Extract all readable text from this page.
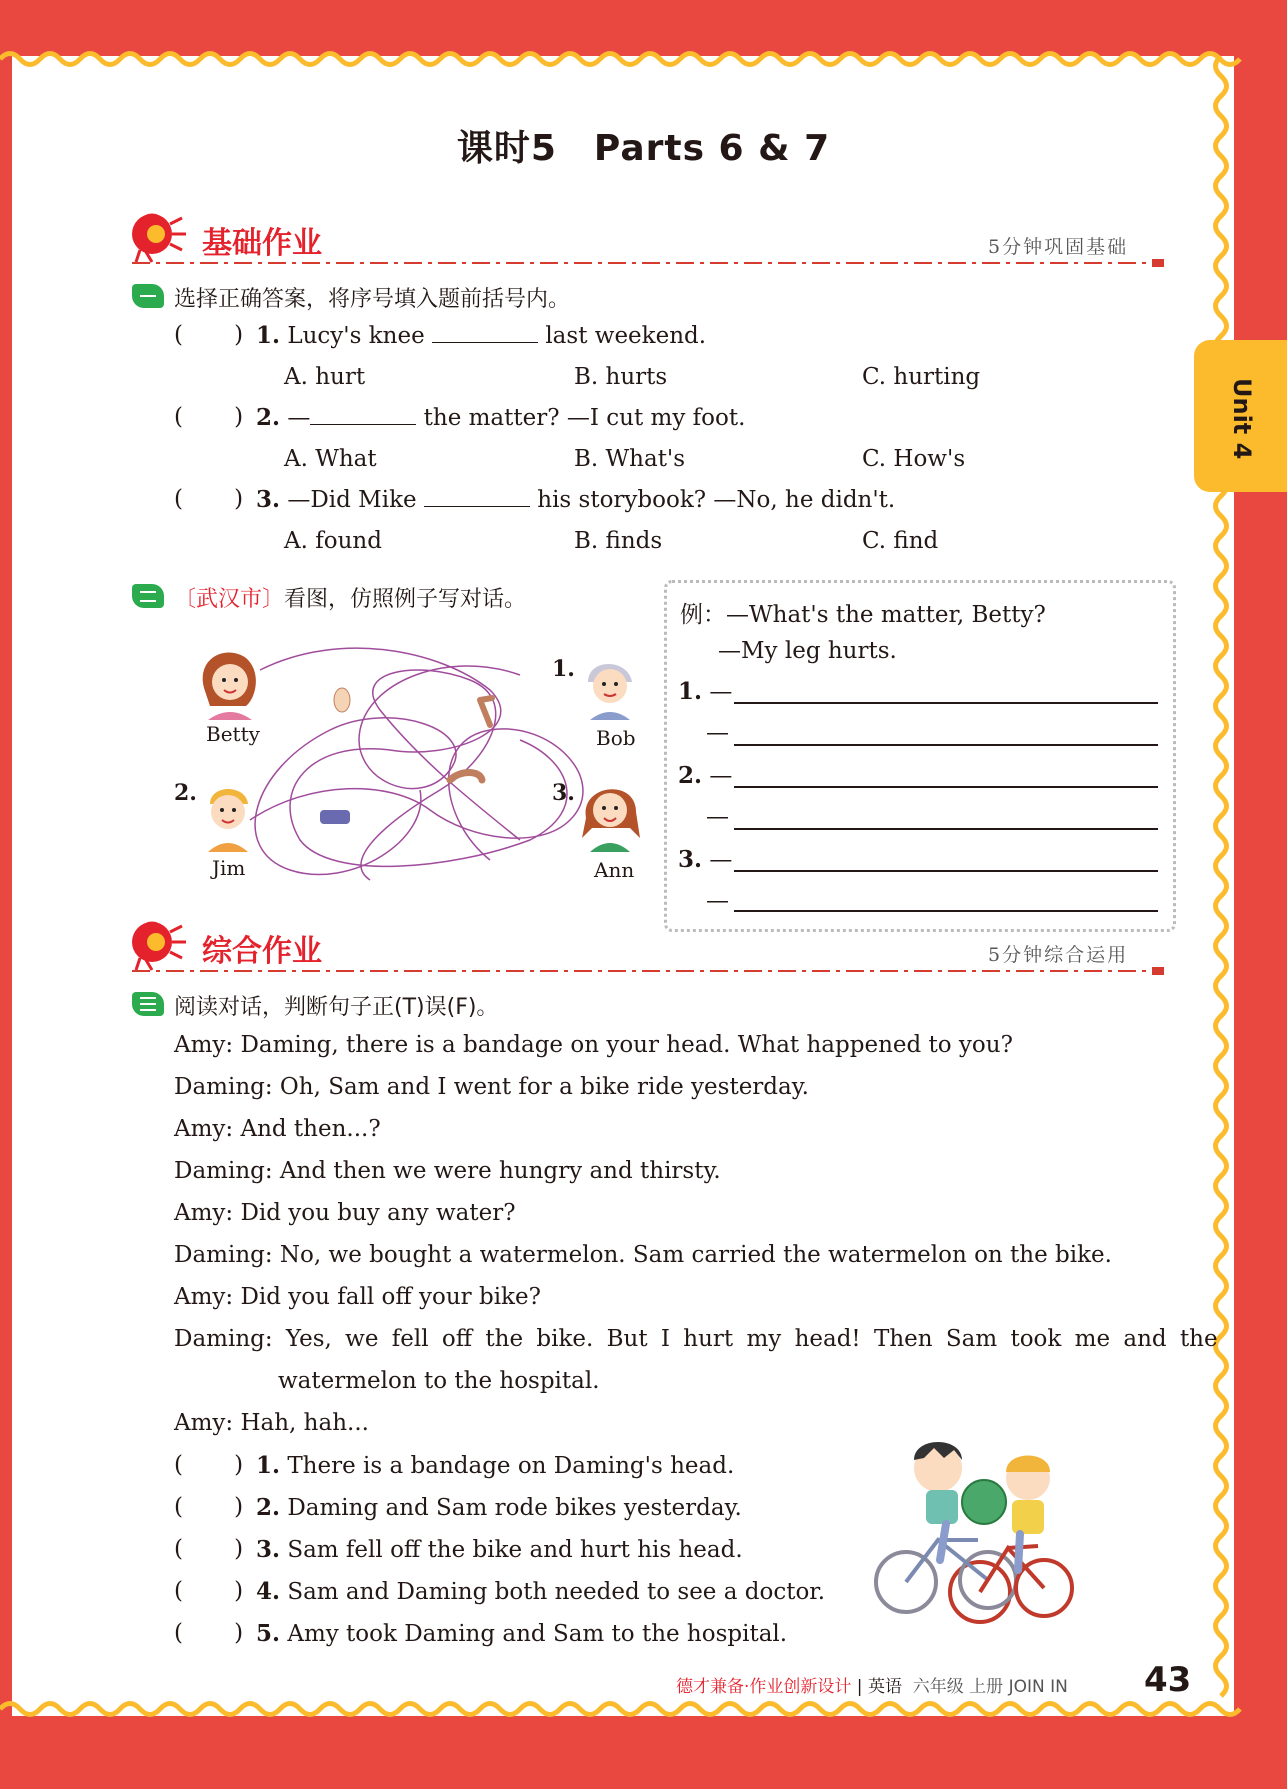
课时5　Parts 6 & 7
Unit 4
基础作业	5分钟巩固基础
选择正确答案，将序号填入题前括号内。
(       ) 1. Lucy's knee	last weekend.
A. hurt	B. hurts	C. hurting
(       ) 2. —	the matter? —I cut my foot.
A. What	B. What's	C. How's
(       ) 3. —Did Mike	his storybook? —No, he didn't.
A. found	B. finds	C. find
〔武汉市〕看图，仿照例子写对话。
Betty
1.
Bob
2.
Jim
3.
Ann
例：—What's the matter, Betty?
—My leg hurts.
1. —
—
2. —
—
3. —
—
综合作业	5分钟综合运用
阅读对话，判断句子正(T)误(F)。
Amy: Daming, there is a bandage on your head. What happened to you?
Daming: Oh, Sam and I went for a bike ride yesterday.
Amy: And then...?
Daming: And then we were hungry and thirsty.
Amy: Did you buy any water?
Daming: No, we bought a watermelon. Sam carried the watermelon on the bike.
Amy: Did you fall off your bike?
Daming: Yes, we fell off the bike. But I hurt my head! Then Sam took me and the
watermelon to the hospital.
Amy: Hah, hah...
(       ) 1. There is a bandage on Daming's head.
(       ) 2. Daming and Sam rode bikes yesterday.
(       ) 3. Sam fell off the bike and hurt his head.
(       ) 4. Sam and Daming both needed to see a doctor.
(       ) 5. Amy took Daming and Sam to the hospital.
德才兼备·作业创新设计 | 英语 六年级 上册 JOIN IN 43
